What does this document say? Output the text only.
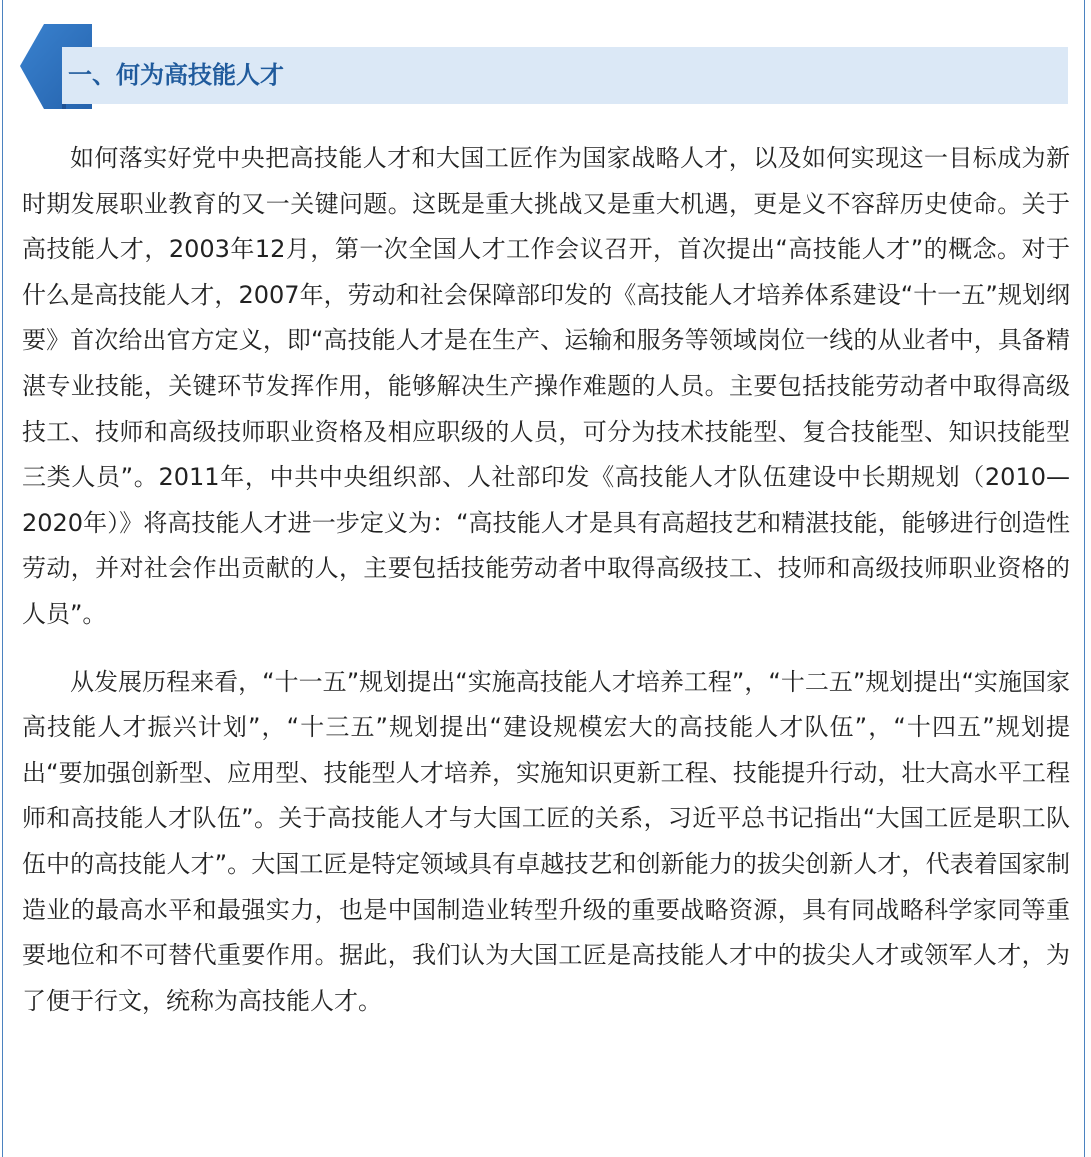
一、何为高技能人才

如何落实好党中央把高技能人才和大国工匠作为国家战略人才，以及如何实现这一目标成为新时期发展职业教育的又一关键问题。这既是重大挑战又是重大机遇，更是义不容辞历史使命。关于高技能人才，2003年12月，第一次全国人才工作会议召开，首次提出“高技能人才”的概念。对于什么是高技能人才，2007年，劳动和社会保障部印发的《高技能人才培养体系建设“十一五”规划纲要》首次给出官方定义，即“高技能人才是在生产、运输和服务等领域岗位一线的从业者中，具备精湛专业技能，关键环节发挥作用，能够解决生产操作难题的人员。主要包括技能劳动者中取得高级技工、技师和高级技师职业资格及相应职级的人员，可分为技术技能型、复合技能型、知识技能型三类人员”。2011年，中共中央组织部、人社部印发《高技能人才队伍建设中长期规划（2010—2020年）》将高技能人才进一步定义为：“高技能人才是具有高超技艺和精湛技能，能够进行创造性劳动，并对社会作出贡献的人，主要包括技能劳动者中取得高级技工、技师和高级技师职业资格的人员”。

从发展历程来看，“十一五”规划提出“实施高技能人才培养工程”，“十二五”规划提出“实施国家高技能人才振兴计划”，“十三五”规划提出“建设规模宏大的高技能人才队伍”，“十四五”规划提出“要加强创新型、应用型、技能型人才培养，实施知识更新工程、技能提升行动，壮大高水平工程师和高技能人才队伍”。关于高技能人才与大国工匠的关系，习近平总书记指出“大国工匠是职工队伍中的高技能人才”。大国工匠是特定领域具有卓越技艺和创新能力的拔尖创新人才，代表着国家制造业的最高水平和最强实力，也是中国制造业转型升级的重要战略资源，具有同战略科学家同等重要地位和不可替代重要作用。据此，我们认为大国工匠是高技能人才中的拔尖人才或领军人才，为了便于行文，统称为高技能人才。
